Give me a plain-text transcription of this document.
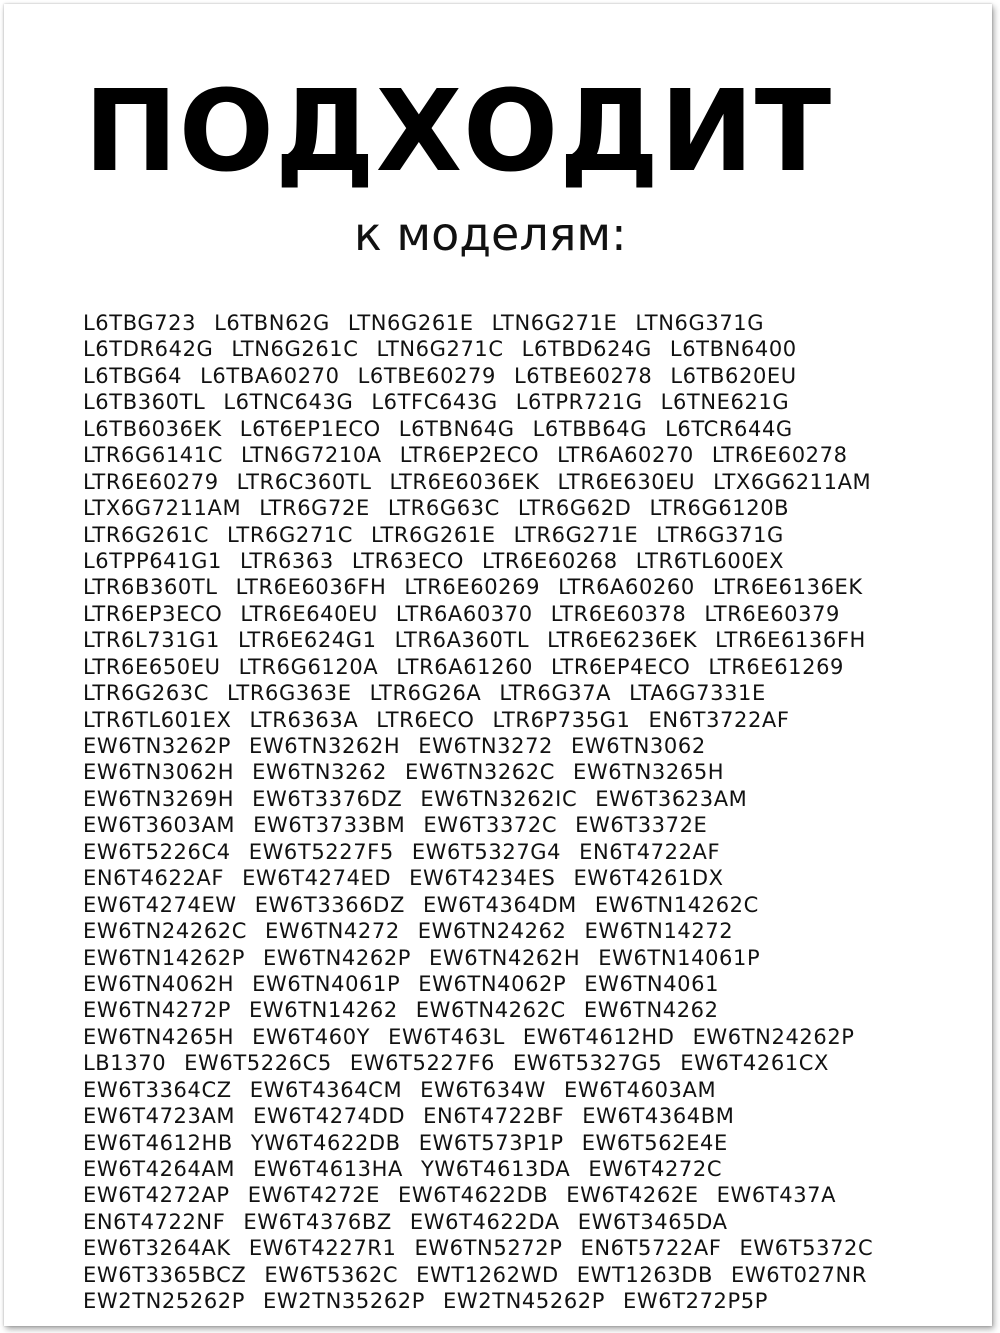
ПОДХОДИТ
к моделям:
L6TBG723 L6TBN62G LTN6G261E LTN6G271E LTN6G371G
L6TDR642G LTN6G261C LTN6G271C L6TBD624G L6TBN6400
L6TBG64 L6TBA60270 L6TBE60279 L6TBE60278 L6TB620EU
L6TB360TL L6TNC643G L6TFC643G L6TPR721G L6TNE621G
L6TB6036EK L6T6EP1ECO L6TBN64G L6TBB64G L6TCR644G
LTR6G6141C LTN6G7210A LTR6EP2ECO LTR6A60270 LTR6E60278
LTR6E60279 LTR6C360TL LTR6E6036EK LTR6E630EU LTX6G6211AM
LTX6G7211AM LTR6G72E LTR6G63C LTR6G62D LTR6G6120B
LTR6G261C LTR6G271C LTR6G261E LTR6G271E LTR6G371G
L6TPP641G1 LTR6363 LTR63ECO LTR6E60268 LTR6TL600EX
LTR6B360TL LTR6E6036FH LTR6E60269 LTR6A60260 LTR6E6136EK
LTR6EP3ECO LTR6E640EU LTR6A60370 LTR6E60378 LTR6E60379
LTR6L731G1 LTR6E624G1 LTR6A360TL LTR6E6236EK LTR6E6136FH
LTR6E650EU LTR6G6120A LTR6A61260 LTR6EP4ECO LTR6E61269
LTR6G263C LTR6G363E LTR6G26A LTR6G37A LTA6G7331E
LTR6TL601EX LTR6363A LTR6ECO LTR6P735G1 EN6T3722AF
EW6TN3262P EW6TN3262H EW6TN3272 EW6TN3062
EW6TN3062H EW6TN3262 EW6TN3262C EW6TN3265H
EW6TN3269H EW6T3376DZ EW6TN3262IC EW6T3623AM
EW6T3603AM EW6T3733BM EW6T3372C EW6T3372E
EW6T5226C4 EW6T5227F5 EW6T5327G4 EN6T4722AF
EN6T4622AF EW6T4274ED EW6T4234ES EW6T4261DX
EW6T4274EW EW6T3366DZ EW6T4364DM EW6TN14262C
EW6TN24262C EW6TN4272 EW6TN24262 EW6TN14272
EW6TN14262P EW6TN4262P EW6TN4262H EW6TN14061P
EW6TN4062H EW6TN4061P EW6TN4062P EW6TN4061
EW6TN4272P EW6TN14262 EW6TN4262C EW6TN4262
EW6TN4265H EW6T460Y EW6T463L EW6T4612HD EW6TN24262P
LB1370 EW6T5226C5 EW6T5227F6 EW6T5327G5 EW6T4261CX
EW6T3364CZ EW6T4364CM EW6T634W EW6T4603AM
EW6T4723AM EW6T4274DD EN6T4722BF EW6T4364BM
EW6T4612HB YW6T4622DB EW6T573P1P EW6T562E4E
EW6T4264AM EW6T4613HA YW6T4613DA EW6T4272C
EW6T4272AP EW6T4272E EW6T4622DB EW6T4262E EW6T437A
EN6T4722NF EW6T4376BZ EW6T4622DA EW6T3465DA
EW6T3264AK EW6T4227R1 EW6TN5272P EN6T5722AF EW6T5372C
EW6T3365BCZ EW6T5362C EWT1262WD EWT1263DB EW6T027NR
EW2TN25262P EW2TN35262P EW2TN45262P EW6T272P5P
